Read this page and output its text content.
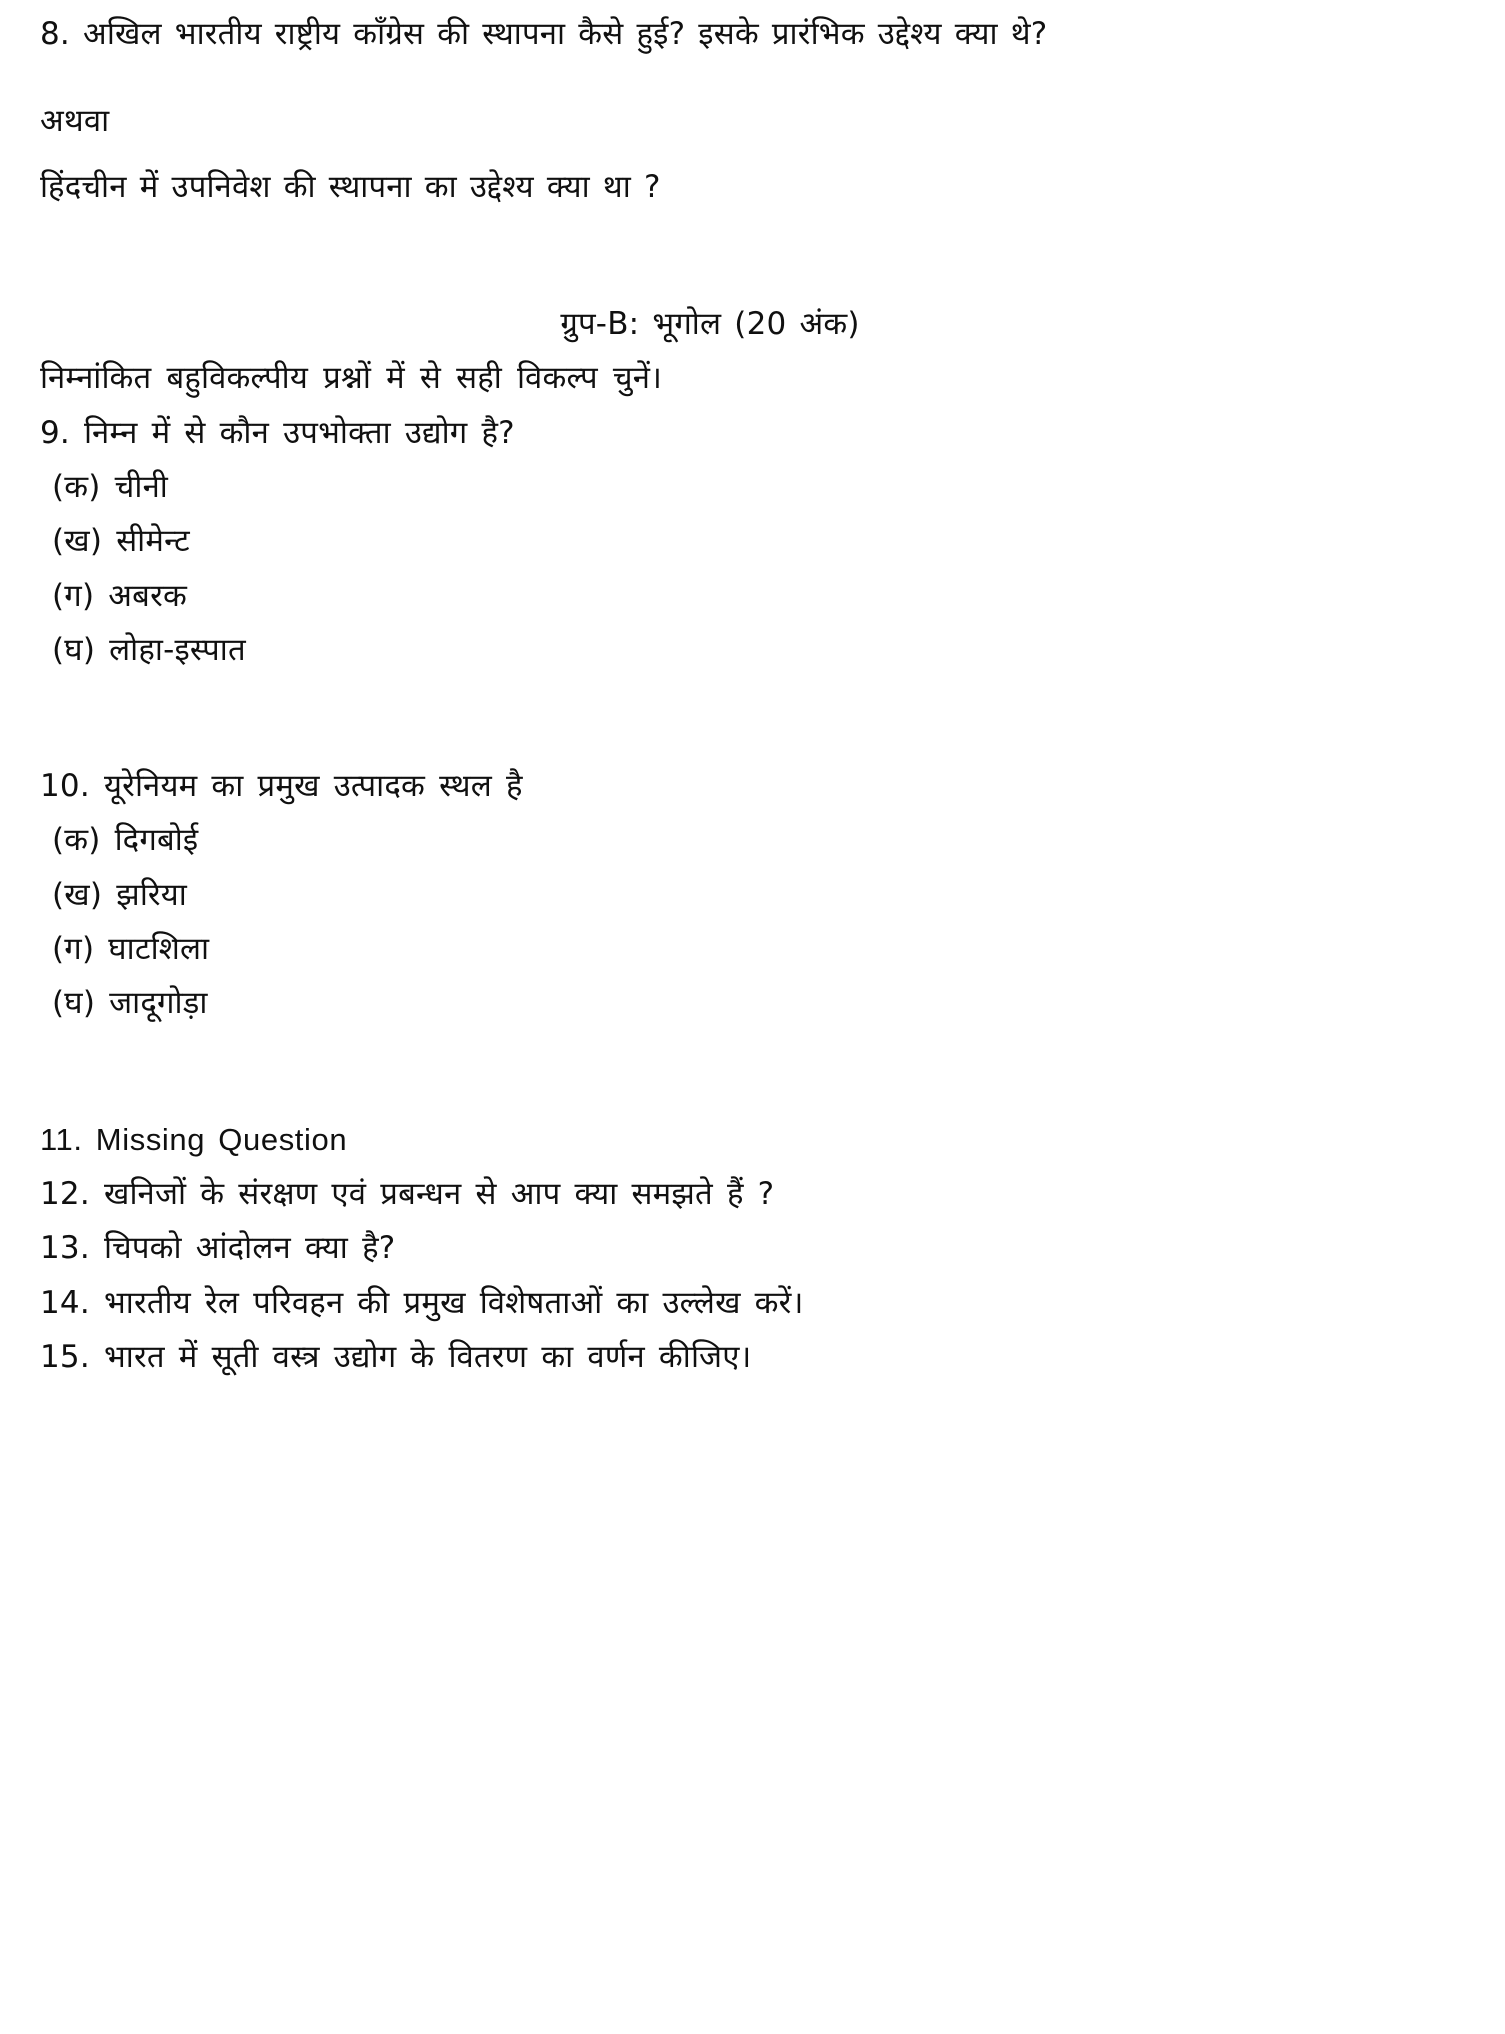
8. अखिल भारतीय राष्ट्रीय कॉंग्रेस की स्थापना कैसे हुई? इसके प्रारंभिक उद्देश्य क्या थे?
अथवा
हिंदचीन में उपनिवेश की स्थापना का उद्देश्य क्या था ?
ग्रुप-B: भूगोल (20 अंक)
निम्नांकित बहुविकल्पीय प्रश्नों में से सही विकल्प चुनें।
9. निम्न में से कौन उपभोक्ता उद्योग है?
(क) चीनी
(ख) सीमेन्ट
(ग) अबरक
(घ) लोहा-इस्पात
10. यूरेनियम का प्रमुख उत्पादक स्थल है
(क) दिगबोई
(ख) झरिया
(ग) घाटशिला
(घ) जादूगोड़ा
11. Missing Question
12. खनिजों के संरक्षण एवं प्रबन्धन से आप क्या समझते हैं ?
13. चिपको आंदोलन क्या है?
14. भारतीय रेल परिवहन की प्रमुख विशेषताओं का उल्लेख करें।
15. भारत में सूती वस्त्र उद्योग के वितरण का वर्णन कीजिए।
